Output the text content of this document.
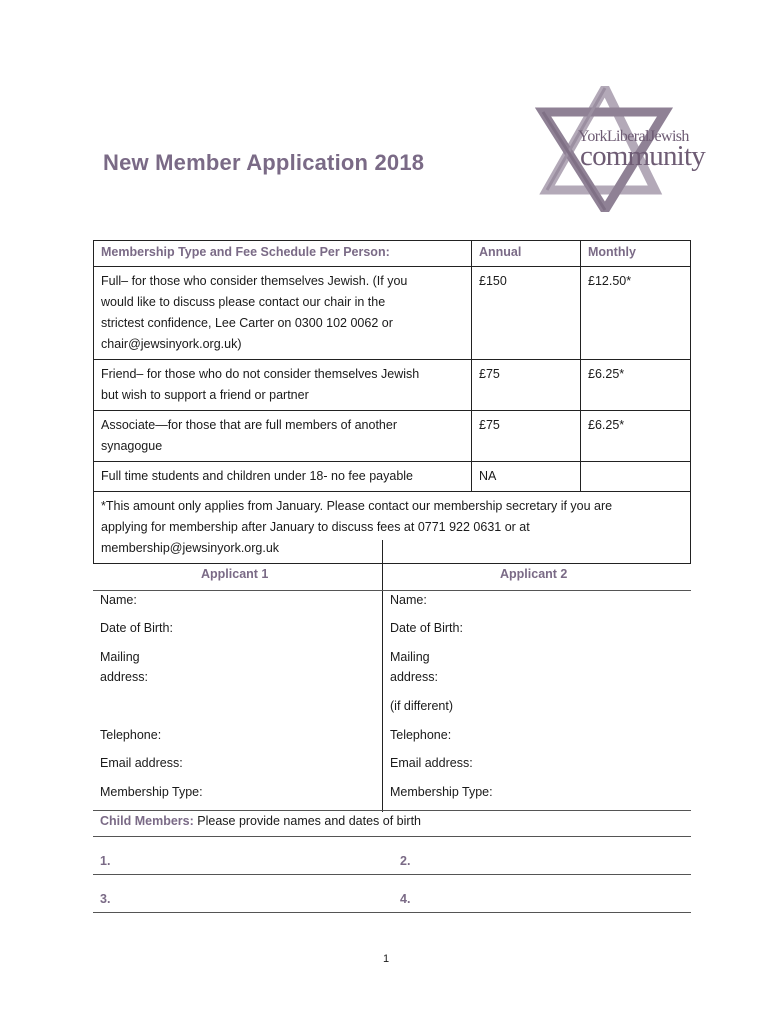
New Member Application 2018
YorkLiberalJewish
community
Membership Type and Fee Schedule Per Person:	Annual	Monthly

Full– for those who consider themselves Jewish. (If you
would like to discuss please contact our chair in the
strictest confidence, Lee Carter on 0300 102 0062 or
chair@jewsinyork.org.uk)	£150	£12.50*

Friend– for those who do not consider themselves Jewish
but wish to support a friend or partner	£75	£6.25*

Associate—for those that are full members of another
synagogue	£75	£6.25*

Full time students and children under 18- no fee payable	NA	

*This amount only applies from January. Please contact our membership secretary if you are
applying for membership after January to discuss fees at 0771 922 0631 or at
membership@jewsinyork.org.uk		
Applicant 1
Name:
Date of Birth:
Mailing
address:
Telephone:
Email address:
Membership Type:
Applicant 2
Name:
Date of Birth:
Mailing
address:
(if different)
Telephone:
Email address:
Membership Type:
Child Members: Please provide names and dates of birth
1.	2.
3.	4.
1
